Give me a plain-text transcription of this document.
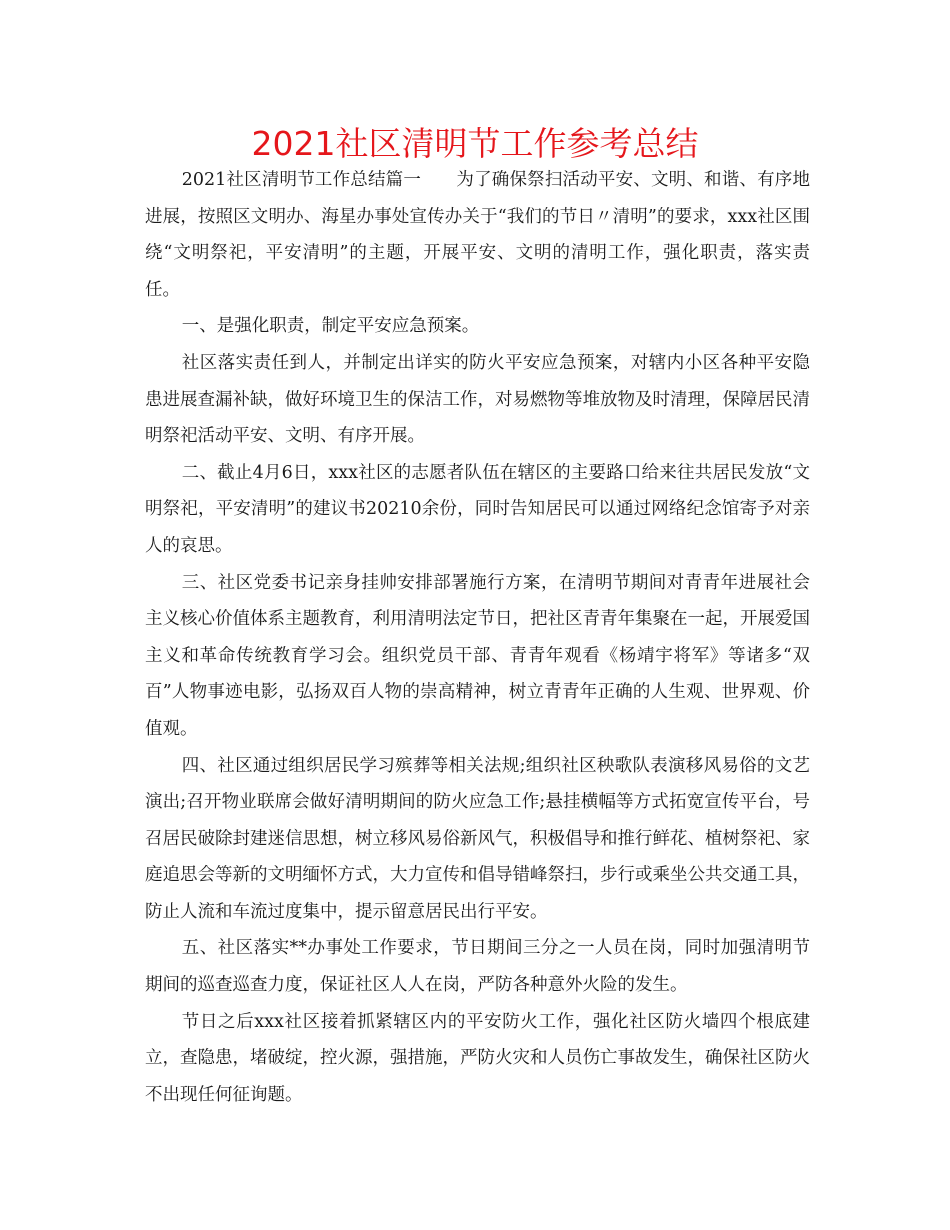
2021社区清明节工作参考总结

2021社区清明节工作总结篇一　　为了确保祭扫活动平安、文明、和谐、有序地进展，按照区文明办、海星办事处宣传办关于“我们的节日〃清明”的要求，xxx社区围绕“文明祭祀，平安清明”的主题，开展平安、文明的清明工作，强化职责，落实责任。

一、是强化职责，制定平安应急预案。

社区落实责任到人，并制定出详实的防火平安应急预案，对辖内小区各种平安隐患进展查漏补缺，做好环境卫生的保洁工作，对易燃物等堆放物及时清理，保障居民清明祭祀活动平安、文明、有序开展。

二、截止4月6日，xxx社区的志愿者队伍在辖区的主要路口给来往共居民发放“文明祭祀，平安清明”的建议书20210余份，同时告知居民可以通过网络纪念馆寄予对亲人的哀思。

三、社区党委书记亲身挂帅安排部署施行方案，在清明节期间对青青年进展社会主义核心价值体系主题教育，利用清明法定节日，把社区青青年集聚在一起，开展爱国主义和革命传统教育学习会。组织党员干部、青青年观看《杨靖宇将军》等诸多“双百”人物事迹电影，弘扬双百人物的崇高精神，树立青青年正确的人生观、世界观、价值观。

四、社区通过组织居民学习殡葬等相关法规;组织社区秧歌队表演移风易俗的文艺演出;召开物业联席会做好清明期间的防火应急工作;悬挂横幅等方式拓宽宣传平台，号召居民破除封建迷信思想，树立移风易俗新风气，积极倡导和推行鲜花、植树祭祀、家庭追思会等新的文明缅怀方式，大力宣传和倡导错峰祭扫，步行或乘坐公共交通工具，防止人流和车流过度集中，提示留意居民出行平安。

五、社区落实**办事处工作要求，节日期间三分之一人员在岗，同时加强清明节期间的巡查巡查力度，保证社区人人在岗，严防各种意外火险的发生。

节日之后xxx社区接着抓紧辖区内的平安防火工作，强化社区防火墙四个根底建立，查隐患，堵破绽，控火源，强措施，严防火灾和人员伤亡事故发生，确保社区防火不出现任何征询题。
